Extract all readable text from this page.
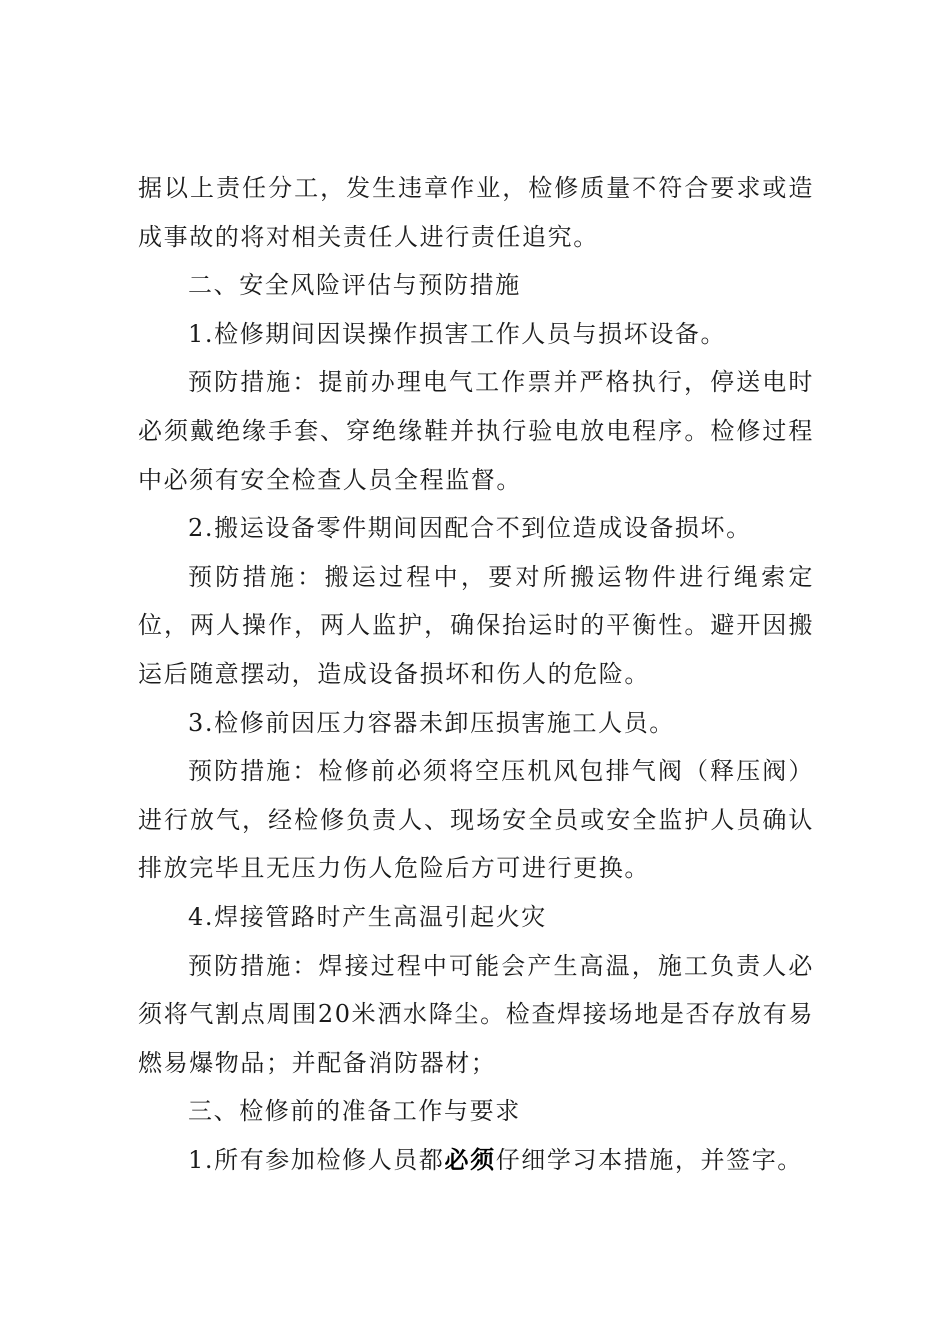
据以上责任分工，发生违章作业，检修质量不符合要求或造成事故的将对相关责任人进行责任追究。

二、安全风险评估与预防措施

1.检修期间因误操作损害工作人员与损坏设备。

预防措施：提前办理电气工作票并严格执行，停送电时必须戴绝缘手套、穿绝缘鞋并执行验电放电程序。检修过程中必须有安全检查人员全程监督。

2.搬运设备零件期间因配合不到位造成设备损坏。

预防措施：搬运过程中，要对所搬运物件进行绳索定位，两人操作，两人监护，确保抬运时的平衡性。避开因搬运后随意摆动，造成设备损坏和伤人的危险。

3.检修前因压力容器未卸压损害施工人员。

预防措施：检修前必须将空压机风包排气阀（释压阀）进行放气，经检修负责人、现场安全员或安全监护人员确认排放完毕且无压力伤人危险后方可进行更换。

4.焊接管路时产生高温引起火灾

预防措施：焊接过程中可能会产生高温，施工负责人必须将气割点周围20米洒水降尘。检查焊接场地是否存放有易燃易爆物品；并配备消防器材；

三、检修前的准备工作与要求

1.所有参加检修人员都必须仔细学习本措施，并签字。
